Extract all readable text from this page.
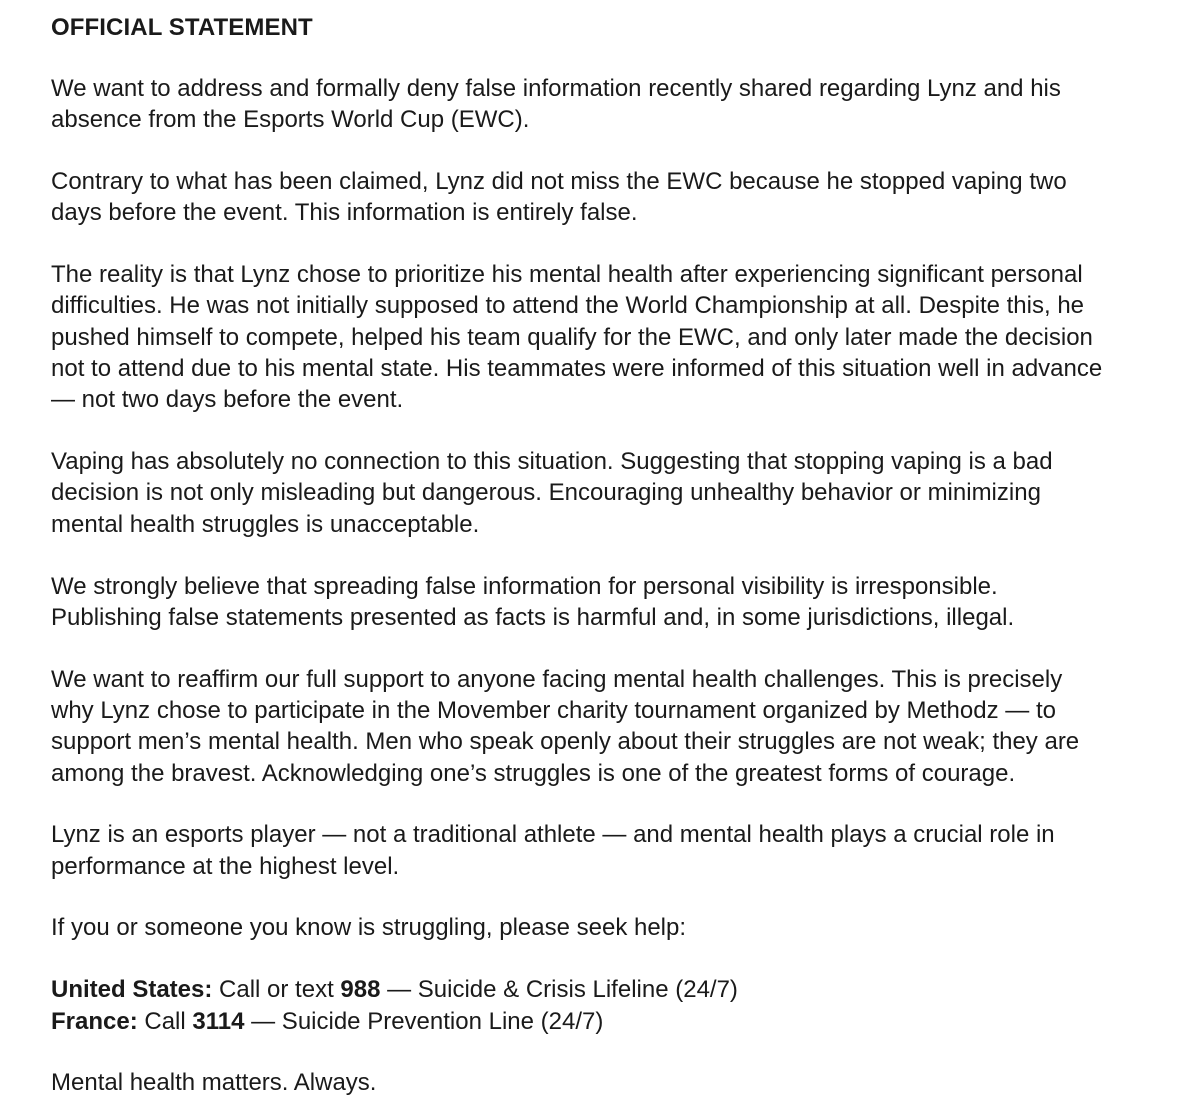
OFFICIAL STATEMENT
We want to address and formally deny false information recently shared regarding Lynz and his
absence from the Esports World Cup (EWC).
Contrary to what has been claimed, Lynz did not miss the EWC because he stopped vaping two
days before the event. This information is entirely false.
The reality is that Lynz chose to prioritize his mental health after experiencing significant personal
difficulties. He was not initially supposed to attend the World Championship at all. Despite this, he
pushed himself to compete, helped his team qualify for the EWC, and only later made the decision
not to attend due to his mental state. His teammates were informed of this situation well in advance
— not two days before the event.
Vaping has absolutely no connection to this situation. Suggesting that stopping vaping is a bad
decision is not only misleading but dangerous. Encouraging unhealthy behavior or minimizing
mental health struggles is unacceptable.
We strongly believe that spreading false information for personal visibility is irresponsible.
Publishing false statements presented as facts is harmful and, in some jurisdictions, illegal.
We want to reaffirm our full support to anyone facing mental health challenges. This is precisely
why Lynz chose to participate in the Movember charity tournament organized by Methodz — to
support men’s mental health. Men who speak openly about their struggles are not weak; they are
among the bravest. Acknowledging one’s struggles is one of the greatest forms of courage.
Lynz is an esports player — not a traditional athlete — and mental health plays a crucial role in
performance at the highest level.
If you or someone you know is struggling, please seek help:
United States: Call or text 988 — Suicide & Crisis Lifeline (24/7)
France: Call 3114 — Suicide Prevention Line (24/7)
Mental health matters. Always.
